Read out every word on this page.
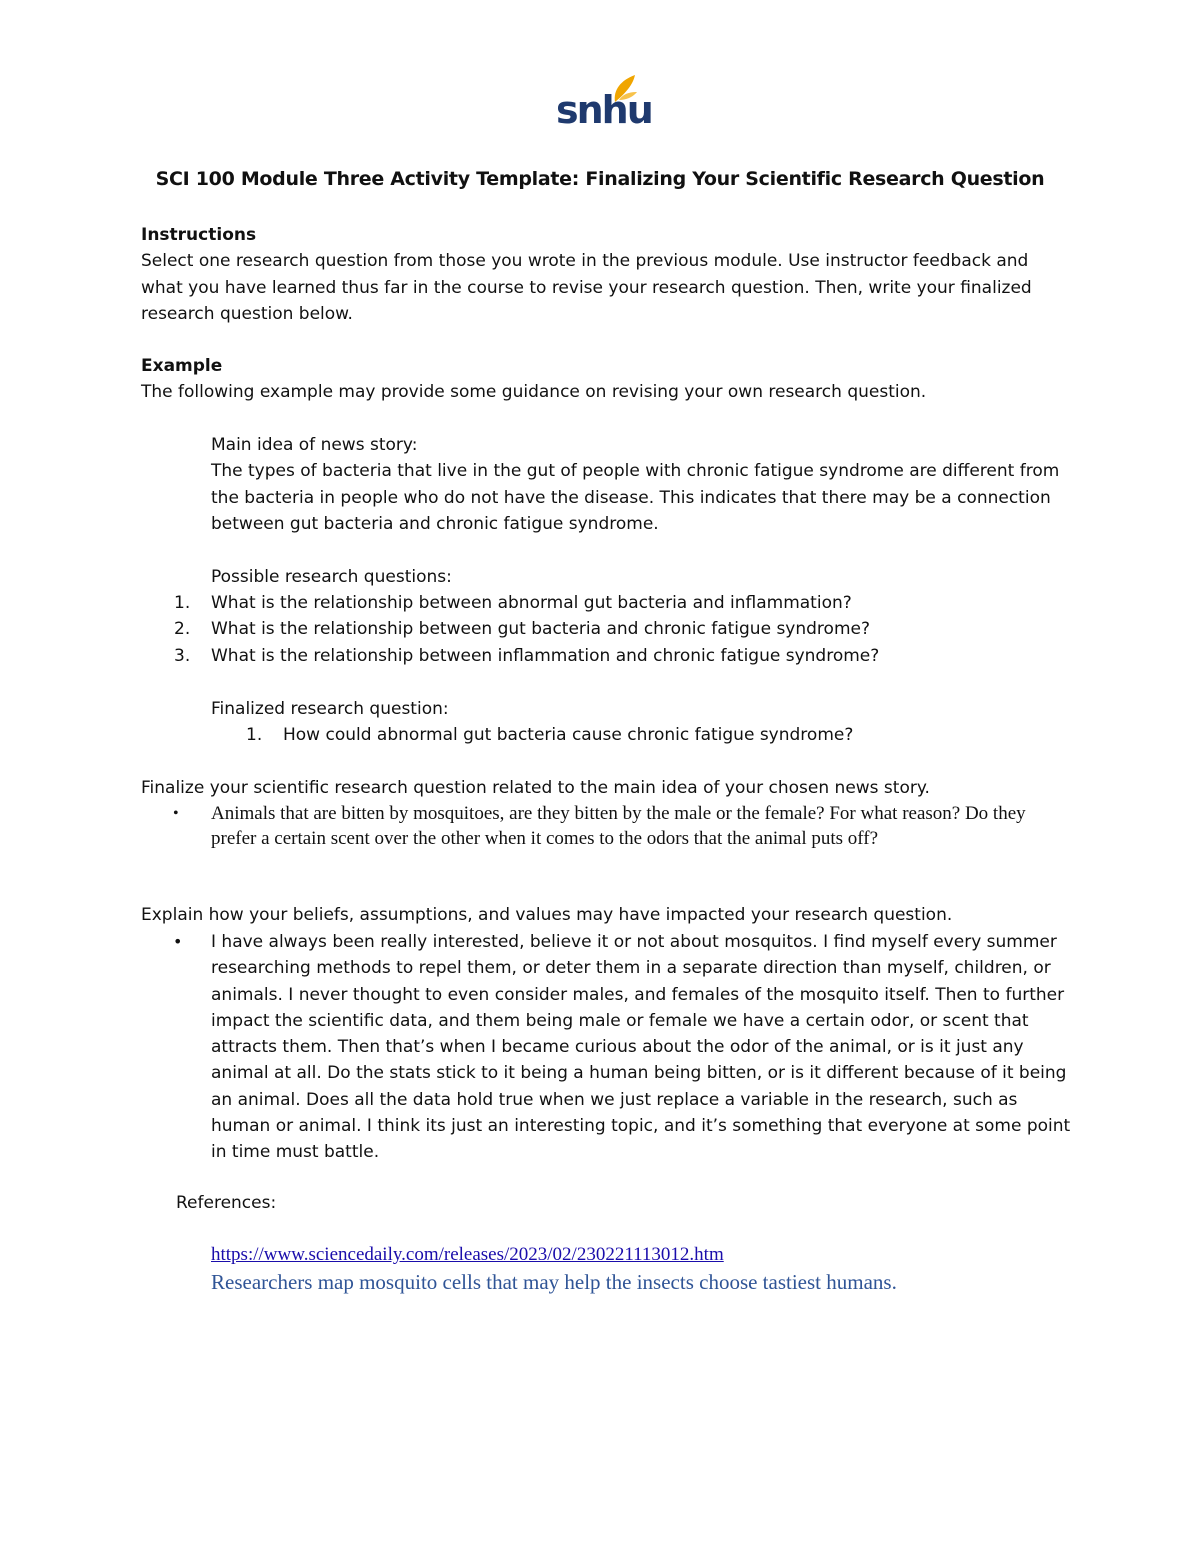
snhu
SCI 100 Module Three Activity Template: Finalizing Your Scientific Research Question
Instructions
Select one research question from those you wrote in the previous module. Use instructor feedback and what you have learned thus far in the course to revise your research question. Then, write your finalized research question below.
Example
The following example may provide some guidance on revising your own research question.
Main idea of news story:
The types of bacteria that live in the gut of people with chronic fatigue syndrome are different from the bacteria in people who do not have the disease. This indicates that there may be a connection between gut bacteria and chronic fatigue syndrome.
Possible research questions:
1. What is the relationship between abnormal gut bacteria and inflammation?
2. What is the relationship between gut bacteria and chronic fatigue syndrome?
3. What is the relationship between inflammation and chronic fatigue syndrome?
Finalized research question:
1. How could abnormal gut bacteria cause chronic fatigue syndrome?
Finalize your scientific research question related to the main idea of your chosen news story.
• Animals that are bitten by mosquitoes, are they bitten by the male or the female? For what reason? Do they prefer a certain scent over the other when it comes to the odors that the animal puts off?
Explain how your beliefs, assumptions, and values may have impacted your research question.
• I have always been really interested, believe it or not about mosquitos. I find myself every summer researching methods to repel them, or deter them in a separate direction than myself, children, or animals. I never thought to even consider males, and females of the mosquito itself. Then to further impact the scientific data, and them being male or female we have a certain odor, or scent that attracts them. Then that’s when I became curious about the odor of the animal, or is it just any animal at all. Do the stats stick to it being a human being bitten, or is it different because of it being an animal. Does all the data hold true when we just replace a variable in the research, such as human or animal. I think its just an interesting topic, and it’s something that everyone at some point in time must battle.
References:
https://www.sciencedaily.com/releases/2023/02/230221113012.htm
Researchers map mosquito cells that may help the insects choose tastiest humans.
